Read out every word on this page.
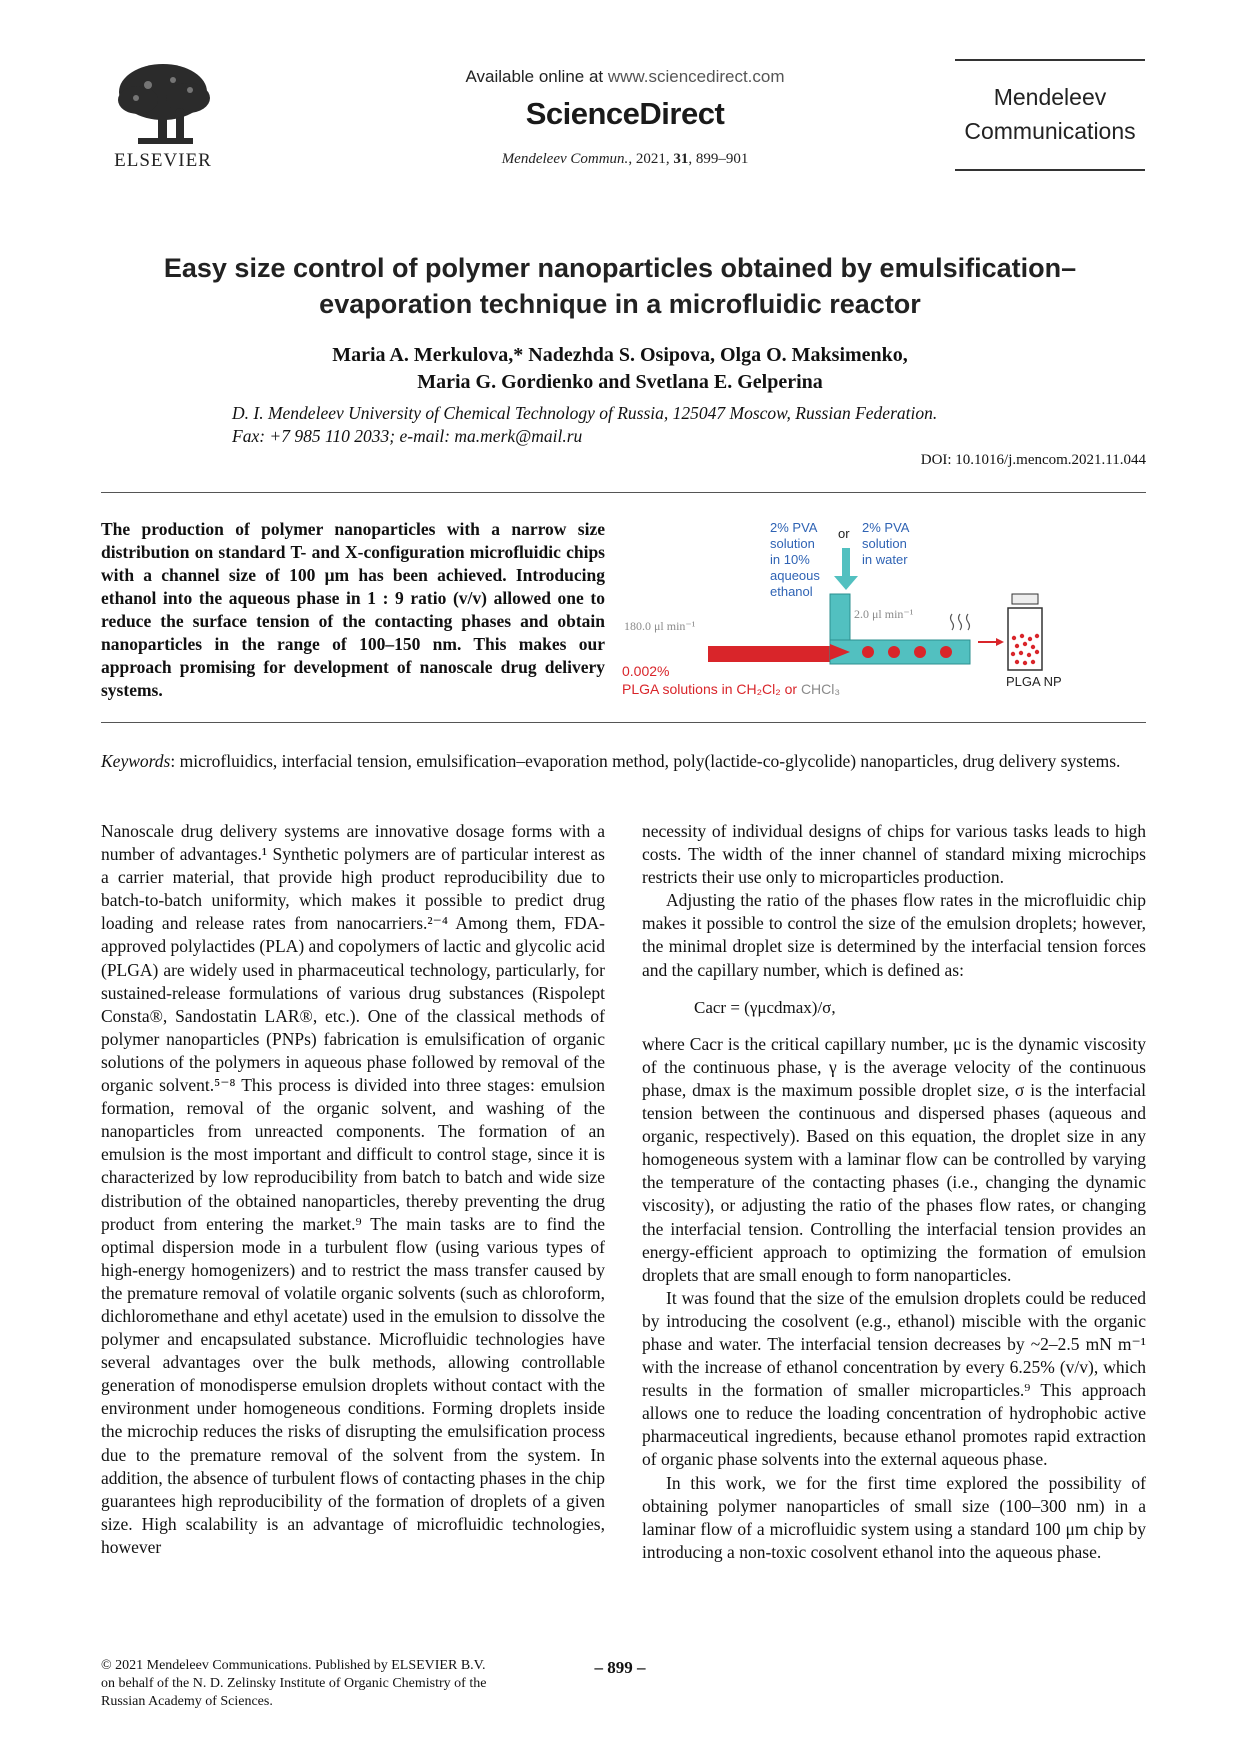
ELSEVIER
Available online at www.sciencedirect.com
ScienceDirect
Mendeleev Commun., 2021, 31, 899–901
Mendeleev
Communications
Easy size control of polymer nanoparticles obtained by emulsification–
evaporation technique in a microfluidic reactor
Maria A. Merkulova,* Nadezhda S. Osipova, Olga O. Maksimenko,
Maria G. Gordienko and Svetlana E. Gelperina
D. I. Mendeleev University of Chemical Technology of Russia, 125047 Moscow, Russian Federation.
Fax: +7 985 110 2033; e-mail: ma.merk@mail.ru
DOI: 10.1016/j.mencom.2021.11.044
The production of polymer nanoparticles with a narrow size distribution on standard T- and X-configuration microfluidic chips with a channel size of 100 μm has been achieved. Introducing ethanol into the aqueous phase in 1 : 9 ratio (v/v) allowed one to reduce the surface tension of the contacting phases and obtain nanoparticles in the range of 100–150 nm. This makes our approach promising for development of nanoscale drug delivery systems.
2% PVA
solution
in 10%
aqueous
ethanol
or 2% PVA
solution
in water
2.0 μl min⁻¹
180.0 μl min⁻¹
PLGA NP
0.002%
PLGA solutions in CH₂Cl₂ or CHCl₃
Keywords: microfluidics, interfacial tension, emulsification–evaporation method, poly(lactide-co-glycolide) nanoparticles, drug delivery systems.

Nanoscale drug delivery systems are innovative dosage forms with a number of advantages.¹ Synthetic polymers are of particular interest as a carrier material, that provide high product reproducibility due to batch-to-batch uniformity, which makes it possible to predict drug loading and release rates from nanocarriers.²⁻⁴ Among them, FDA-approved polylactides (PLA) and copolymers of lactic and glycolic acid (PLGA) are widely used in pharmaceutical technology, particularly, for sustained-release formulations of various drug substances (Rispolept Consta®, Sandostatin LAR®, etc.). One of the classical methods of polymer nanoparticles (PNPs) fabrication is emulsification of organic solutions of the polymers in aqueous phase followed by removal of the organic solvent.⁵⁻⁸ This process is divided into three stages: emulsion formation, removal of the organic solvent, and washing of the nanoparticles from unreacted components. The formation of an emulsion is the most important and difficult to control stage, since it is characterized by low reproducibility from batch to batch and wide size distribution of the obtained nanoparticles, thereby preventing the drug product from entering the market.⁹ The main tasks are to find the optimal dispersion mode in a turbulent flow (using various types of high-energy homogenizers) and to restrict the mass transfer caused by the premature removal of volatile organic solvents (such as chloroform, dichloromethane and ethyl acetate) used in the emulsion to dissolve the polymer and encapsulated substance. Microfluidic technologies have several advantages over the bulk methods, allowing controllable generation of monodisperse emulsion droplets without contact with the environment under homogeneous conditions. Forming droplets inside the microchip reduces the risks of disrupting the emulsification process due to the premature removal of the solvent from the system. In addition, the absence of turbulent flows of contacting phases in the chip guarantees high reproducibility of the formation of droplets of a given size. High scalability is an advantage of microfluidic technologies, however

necessity of individual designs of chips for various tasks leads to high costs. The width of the inner channel of standard mixing microchips restricts their use only to microparticles production.

Adjusting the ratio of the phases flow rates in the microfluidic chip makes it possible to control the size of the emulsion droplets; however, the minimal droplet size is determined by the interfacial tension forces and the capillary number, which is defined as:

Cacr = (γμcdmax)/σ,

where Cacr is the critical capillary number, μc is the dynamic viscosity of the continuous phase, γ is the average velocity of the continuous phase, dmax is the maximum possible droplet size, σ is the interfacial tension between the continuous and dispersed phases (aqueous and organic, respectively). Based on this equation, the droplet size in any homogeneous system with a laminar flow can be controlled by varying the temperature of the contacting phases (i.e., changing the dynamic viscosity), or adjusting the ratio of the phases flow rates, or changing the interfacial tension. Controlling the interfacial tension provides an energy-efficient approach to optimizing the formation of emulsion droplets that are small enough to form nanoparticles.

It was found that the size of the emulsion droplets could be reduced by introducing the cosolvent (e.g., ethanol) miscible with the organic phase and water. The interfacial tension decreases by ~2–2.5 mN m⁻¹ with the increase of ethanol concentration by every 6.25% (v/v), which results in the formation of smaller microparticles.⁹ This approach allows one to reduce the loading concentration of hydrophobic active pharmaceutical ingredients, because ethanol promotes rapid extraction of organic phase solvents into the external aqueous phase.

In this work, we for the first time explored the possibility of obtaining polymer nanoparticles of small size (100–300 nm) in a laminar flow of a microfluidic system using a standard 100 μm chip by introducing a non-toxic cosolvent ethanol into the aqueous phase.

© 2021 Mendeleev Communications. Published by ELSEVIER B.V.
on behalf of the N. D. Zelinsky Institute of Organic Chemistry of the
Russian Academy of Sciences.
– 899 –
